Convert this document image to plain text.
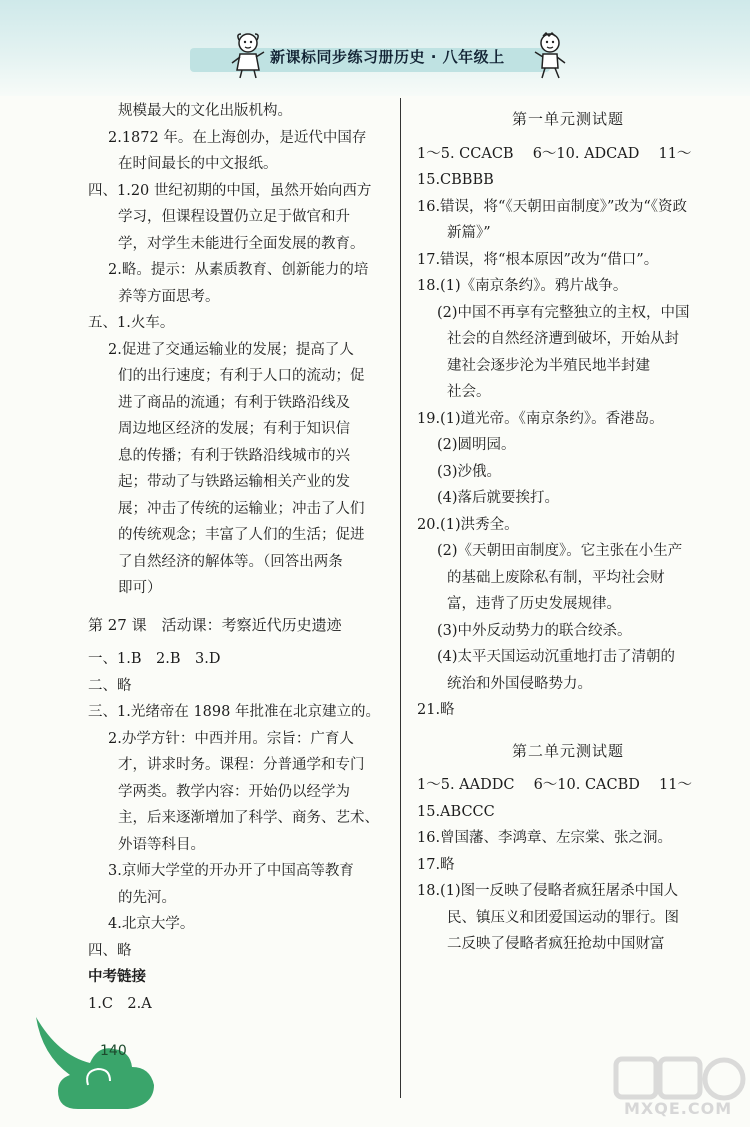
新课标同步练习册历史 · 八年级上
规模最大的文化出版机构。
2.1872 年。在上海创办，是近代中国存
在时间最长的中文报纸。
四、1.20 世纪初期的中国，虽然开始向西方
学习，但课程设置仍立足于做官和升
学，对学生未能进行全面发展的教育。
2.略。提示：从素质教育、创新能力的培
养等方面思考。
五、1.火车。
2.促进了交通运输业的发展；提高了人
们的出行速度；有利于人口的流动；促
进了商品的流通；有利于铁路沿线及
周边地区经济的发展；有利于知识信
息的传播；有利于铁路沿线城市的兴
起；带动了与铁路运输相关产业的发
展；冲击了传统的运输业；冲击了人们
的传统观念；丰富了人们的生活；促进
了自然经济的解体等。（回答出两条
即可）
第 27 课　活动课：考察近代历史遗迹
一、1.B　2.B　3.D
二、略
三、1.光绪帝在 1898 年批准在北京建立的。
2.办学方针：中西并用。宗旨：广育人
才，讲求时务。课程：分普通学和专门
学两类。教学内容：开始仍以经学为
主，后来逐渐增加了科学、商务、艺术、
外语等科目。
3.京师大学堂的开办开了中国高等教育
的先河。
4.北京大学。
四、略
中考链接
1.C　2.A
第一单元测试题
1～5. CCACB　 6～10. ADCAD　 11～
15.CBBBB
16.错误，将“《天朝田亩制度》”改为“《资政
新篇》”
17.错误，将“根本原因”改为“借口”。
18.(1)《南京条约》。鸦片战争。
(2)中国不再享有完整独立的主权，中国
社会的自然经济遭到破坏，开始从封
建社会逐步沦为半殖民地半封建
社会。
19.(1)道光帝。《南京条约》。香港岛。
(2)圆明园。
(3)沙俄。
(4)落后就要挨打。
20.(1)洪秀全。
(2)《天朝田亩制度》。它主张在小生产
的基础上废除私有制，平均社会财
富，违背了历史发展规律。
(3)中外反动势力的联合绞杀。
(4)太平天国运动沉重地打击了清朝的
统治和外国侵略势力。
21.略
第二单元测试题
1～5. AADDC　 6～10. CACBD　 11～
15.ABCCC
16.曾国藩、李鸿章、左宗棠、张之洞。
17.略
18.(1)图一反映了侵略者疯狂屠杀中国人
民、镇压义和团爱国运动的罪行。图
二反映了侵略者疯狂抢劫中国财富
140
MXQE.COM
